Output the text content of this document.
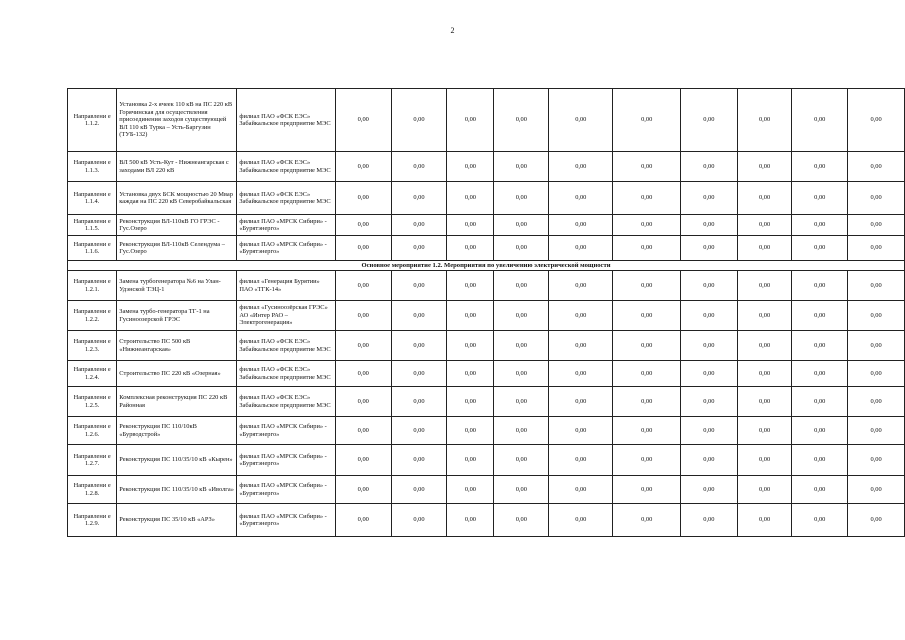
2
Направлени е 1.1.2.	Установка 2-х ячеек 110 кВ на ПС 220 кВ Горячинская для осуществления присоединения заходов существующей ВЛ 110 кВ Турка – Усть-Баргузин (ТУБ-132)	филиал ПАО «ФСК ЕЭС» Забайкальское предприятие МЭС	0,00	0,00	0,00	0,00	0,00	0,00	0,00	0,00	0,00	0,00
Направлени е 1.1.3.	ВЛ 500 кВ Усть-Кут - Нижнеангарская с заходами ВЛ 220 кВ	филиал ПАО «ФСК ЕЭС» Забайкальское предприятие МЭС	0,00	0,00	0,00	0,00	0,00	0,00	0,00	0,00	0,00	0,00
Направлени е 1.1.4.	Установка двух БСК мощностью 20 Мвар каждая на ПС 220 кВ Северобайкальская	филиал ПАО «ФСК ЕЭС» Забайкальское предприятие МЭС	0,00	0,00	0,00	0,00	0,00	0,00	0,00	0,00	0,00	0,00
Направлени е 1.1.5.	Реконструкция ВЛ-110кВ ГО ГРЭС - Гус.Озеро	филиал ПАО «МРСК Сибири» - «Бурятэнерго»	0,00	0,00	0,00	0,00	0,00	0,00	0,00	0,00	0,00	0,00
Направлени е 1.1.6.	Реконструкция ВЛ-110кВ Селендума – Гус.Озеро	филиал ПАО «МРСК Сибири» - «Бурятэнерго»	0,00	0,00	0,00	0,00	0,00	0,00	0,00	0,00	0,00	0,00
Основное мероприятие 1.2. Мероприятия по увеличению электрической мощности												
Направлени е 1.2.1.	Замена турбогенератора №6 на Улан-Удэнской ТЭЦ-1	филиал «Генерация Бурятии» ПАО «ТГК-14»	0,00	0,00	0,00	0,00	0,00	0,00	0,00	0,00	0,00	0,00
Направлени е 1.2.2.	Замена турбо-генератора ТГ-1 на Гусиноозерской ГРЭС	филиал «Гусиноозёрская ГРЭС» АО «Интер РАО – Электрогенерация»	0,00	0,00	0,00	0,00	0,00	0,00	0,00	0,00	0,00	0,00
Направлени е 1.2.3.	Строительство ПС 500 кВ «Нижнеангарская»	филиал ПАО «ФСК ЕЭС» Забайкальское предприятие МЭС	0,00	0,00	0,00	0,00	0,00	0,00	0,00	0,00	0,00	0,00
Направлени е 1.2.4.	Строительство ПС 220 кВ «Озерная»	филиал ПАО «ФСК ЕЭС» Забайкальское предприятие МЭС	0,00	0,00	0,00	0,00	0,00	0,00	0,00	0,00	0,00	0,00
Направлени е 1.2.5.	Комплексная реконструкция ПС 220 кВ Районная	филиал ПАО «ФСК ЕЭС» Забайкальское предприятие МЭС	0,00	0,00	0,00	0,00	0,00	0,00	0,00	0,00	0,00	0,00
Направлени е 1.2.6.	Реконструкция ПС 110/10кВ «Бурводстрой»	филиал ПАО «МРСК Сибири» - «Бурятэнерго»	0,00	0,00	0,00	0,00	0,00	0,00	0,00	0,00	0,00	0,00
Направлени е 1.2.7.	Реконструкция ПС 110/35/10 кВ «Кырен»	филиал ПАО «МРСК Сибири» - «Бурятэнерго»	0,00	0,00	0,00	0,00	0,00	0,00	0,00	0,00	0,00	0,00
Направлени е 1.2.8.	Реконструкция ПС 110/35/10 кВ «Иволга»	филиал ПАО «МРСК Сибири» - «Бурятэнерго»	0,00	0,00	0,00	0,00	0,00	0,00	0,00	0,00	0,00	0,00
Направлени е 1.2.9.	Реконструкция ПС 35/10 кВ «АРЗ»	филиал ПАО «МРСК Сибири» - «Бурятэнерго»	0,00	0,00	0,00	0,00	0,00	0,00	0,00	0,00	0,00	0,00
